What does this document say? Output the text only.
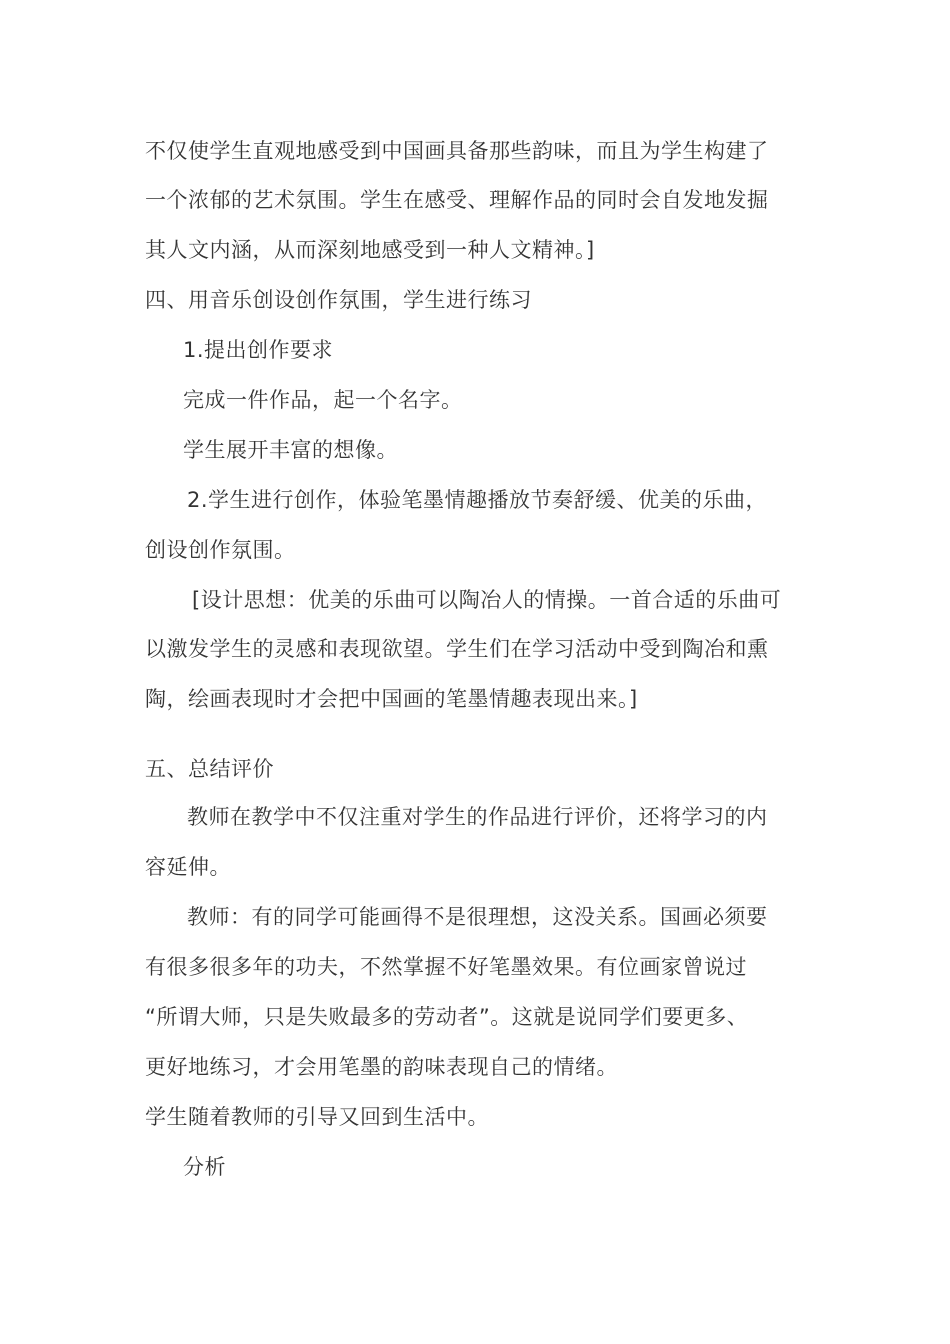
不仅使学生直观地感受到中国画具备那些韵味，而且为学生构建了
一个浓郁的艺术氛围。学生在感受、理解作品的同时会自发地发掘
其人文内涵，从而深刻地感受到一种人文精神。]
四、用音乐创设创作氛围，学生进行练习
1.提出创作要求
完成一件作品，起一个名字。
学生展开丰富的想像。
2.学生进行创作，体验笔墨情趣播放节奏舒缓、优美的乐曲，
创设创作氛围。
[设计思想：优美的乐曲可以陶冶人的情操。一首合适的乐曲可
以激发学生的灵感和表现欲望。学生们在学习活动中受到陶冶和熏
陶，绘画表现时才会把中国画的笔墨情趣表现出来。]
五、总结评价
教师在教学中不仅注重对学生的作品进行评价，还将学习的内
容延伸。
教师：有的同学可能画得不是很理想，这没关系。国画必须要
有很多很多年的功夫，不然掌握不好笔墨效果。有位画家曾说过
“所谓大师，只是失败最多的劳动者”。这就是说同学们要更多、
更好地练习，才会用笔墨的韵味表现自己的情绪。
学生随着教师的引导又回到生活中。
分析
